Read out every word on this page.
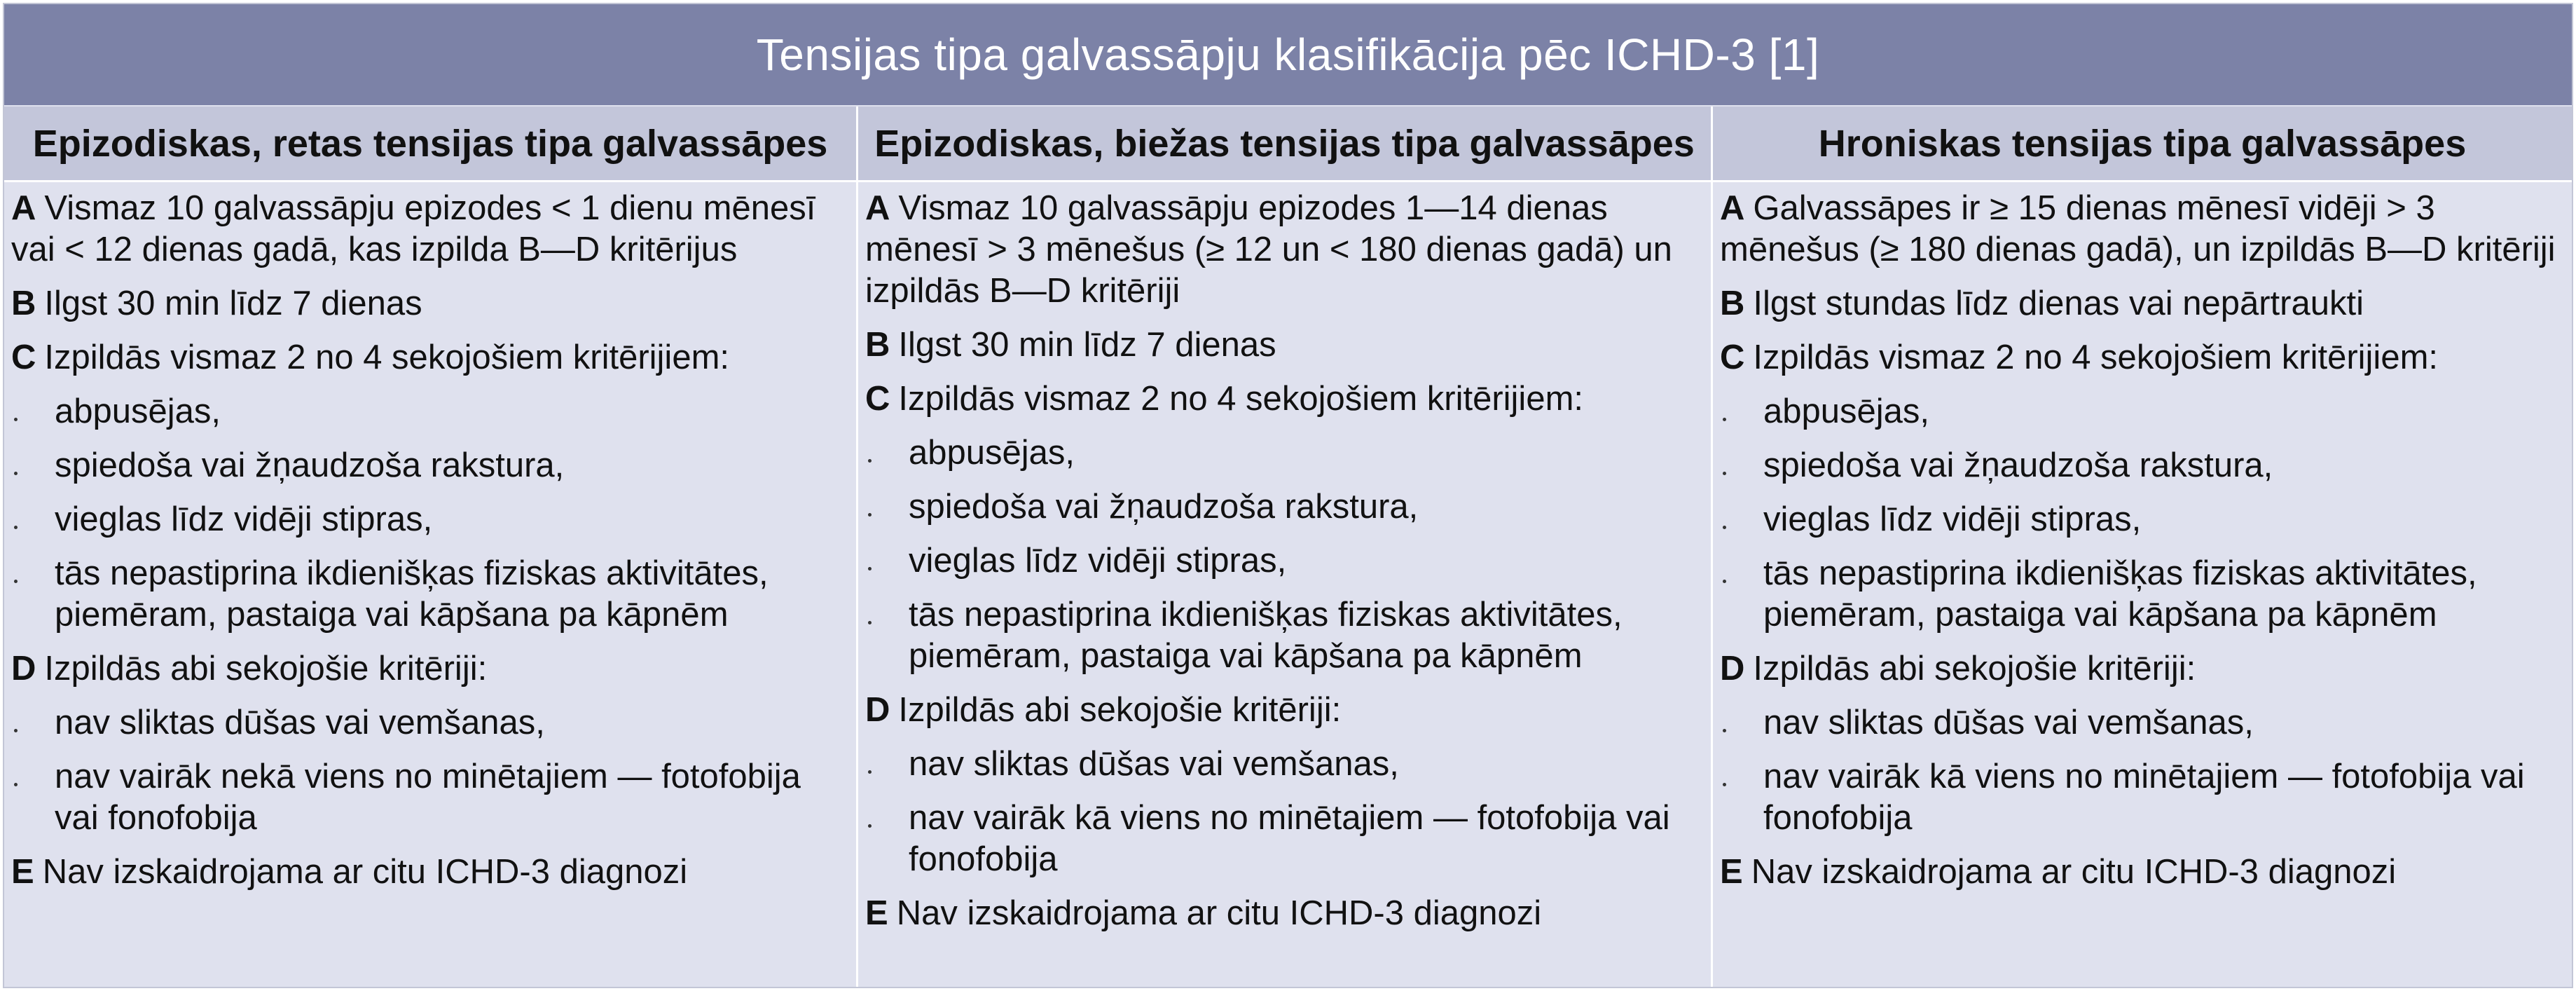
Tensijas tipa galvassāpju klasifikācija pēc ICHD-3 [1]
Epizodiskas, retas tensijas tipa galvassāpes
A Vismaz 10 galvassāpju epizodes < 1 dienu mēnesī vai < 12 dienas gadā, kas izpilda B—D kritērijus
B Ilgst 30 min līdz 7 dienas
C Izpildās vismaz 2 no 4 sekojošiem kritērijiem:
abpusējas,
spiedoša vai žņaudzoša rakstura,
vieglas līdz vidēji stipras,
tās nepastiprina ikdienišķas fiziskas aktivitātes, piemēram, pastaiga vai kāpšana pa kāpnēm
D Izpildās abi sekojošie kritēriji:
nav sliktas dūšas vai vemšanas,
nav vairāk nekā viens no minētajiem — fotofobija vai fonofobija
E Nav izskaidrojama ar citu ICHD-3 diagnozi
Epizodiskas, biežas tensijas tipa galvassāpes
A Vismaz 10 galvassāpju epizodes 1—14 dienas mēnesī > 3 mēnešus (≥ 12 un < 180 dienas gadā) un izpildās B—D kritēriji
B Ilgst 30 min līdz 7 dienas
C Izpildās vismaz 2 no 4 sekojošiem kritērijiem:
abpusējas,
spiedoša vai žņaudzoša rakstura,
vieglas līdz vidēji stipras,
tās nepastiprina ikdienišķas fiziskas aktivitātes, piemēram, pastaiga vai kāpšana pa kāpnēm
D Izpildās abi sekojošie kritēriji:
nav sliktas dūšas vai vemšanas,
nav vairāk kā viens no minētajiem — fotofobija vai fonofobija
E Nav izskaidrojama ar citu ICHD-3 diagnozi
Hroniskas tensijas tipa galvassāpes
A Galvassāpes ir ≥ 15 dienas mēnesī vidēji > 3 mēnešus (≥ 180 dienas gadā), un izpildās B—D kritēriji
B Ilgst stundas līdz dienas vai nepārtraukti
C Izpildās vismaz 2 no 4 sekojošiem kritērijiem:
abpusējas,
spiedoša vai žņaudzoša rakstura,
vieglas līdz vidēji stipras,
tās nepastiprina ikdienišķas fiziskas aktivitātes, piemēram, pastaiga vai kāpšana pa kāpnēm
D Izpildās abi sekojošie kritēriji:
nav sliktas dūšas vai vemšanas,
nav vairāk kā viens no minētajiem — fotofobija vai fonofobija
E Nav izskaidrojama ar citu ICHD-3 diagnozi
